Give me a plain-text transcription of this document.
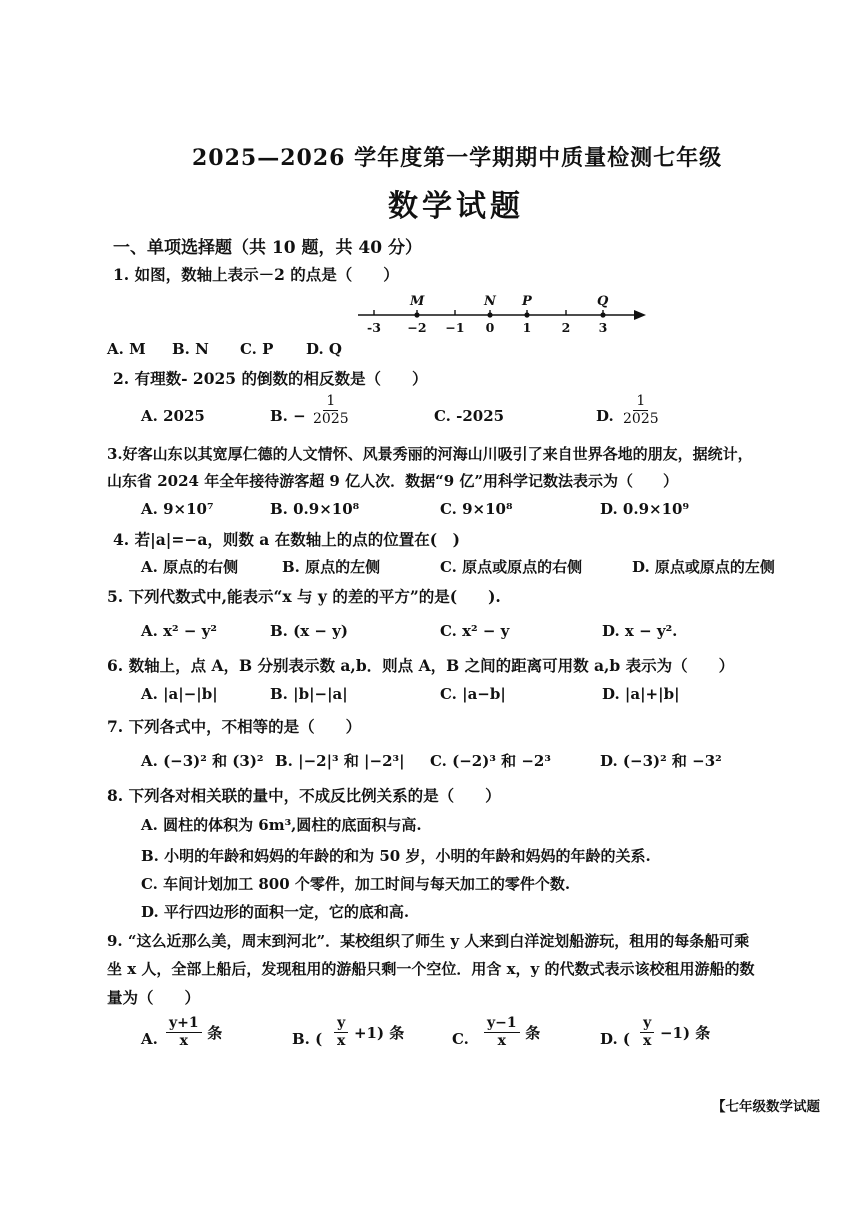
2025—2026 学年度第一学期期中质量检测七年级
数学试题
一、单项选择题（共 10 题，共 40 分）
1. 如图，数轴上表示－2 的点是（　　）
M	N P	Q
-3 −2 −1 0 1 2 3
A. M B. N C. P D. Q
2. 有理数- 2025 的倒数的相反数是（　　）
A. 2025	B. − $\frac{1}{2025}$	C. -2025	D. $\frac{1}{2025}$
3.好客山东以其宽厚仁德的人文情怀、风景秀丽的河海山川吸引了来自世界各地的朋友，据统计，
山东省 2024 年全年接待游客超 9 亿人次．数据“9 亿”用科学记数法表示为（　　）
A. 9×10⁷	B. 0.9×10⁸	C. 9×10⁸	D. 0.9×10⁹
4. 若|a|=−a，则数 a 在数轴上的点的位置在(　)
A. 原点的右侧	B. 原点的左侧	C. 原点或原点的右侧	D. 原点或原点的左侧
5. 下列代数式中,能表示“x 与 y 的差的平方”的是(　　).
A. x² − y²	B. (x − y)	C. x² − y	D. x − y².
6. 数轴上，点 A，B 分别表示数 a,b．则点 A，B 之间的距离可用数 a,b 表示为（　　）
A. |a|−|b|	B. |b|−|a|	C. |a−b|	D. |a|+|b|
7. 下列各式中，不相等的是（　　）
A. (−3)² 和 (3)² B. |−2|³ 和 |−2³| C. (−2)³ 和 −2³	D. (−3)² 和 −3²
8. 下列各对相关联的量中，不成反比例关系的是（　　）
A. 圆柱的体积为 6m³,圆柱的底面积与高.
B. 小明的年龄和妈妈的年龄的和为 50 岁，小明的年龄和妈妈的年龄的关系.
C. 车间计划加工 800 个零件，加工时间与每天加工的零件个数.
D. 平行四边形的面积一定，它的底和高.
9. “这么近那么美，周末到河北”．某校组织了师生 y 人来到白洋淀划船游玩，租用的每条船可乘
坐 x 人，全部上船后，发现租用的游船只剩一个空位．用含 x，y 的代数式表示该校租用游船的数
量为（　　）
A. $\frac{y+1}{x}$ 条	B. ( $\frac{y}{x} +1$) 条	C. $\frac{y-1}{x}$ 条	D. ( $\frac{y}{x} -1$) 条
【七年级数学试题
